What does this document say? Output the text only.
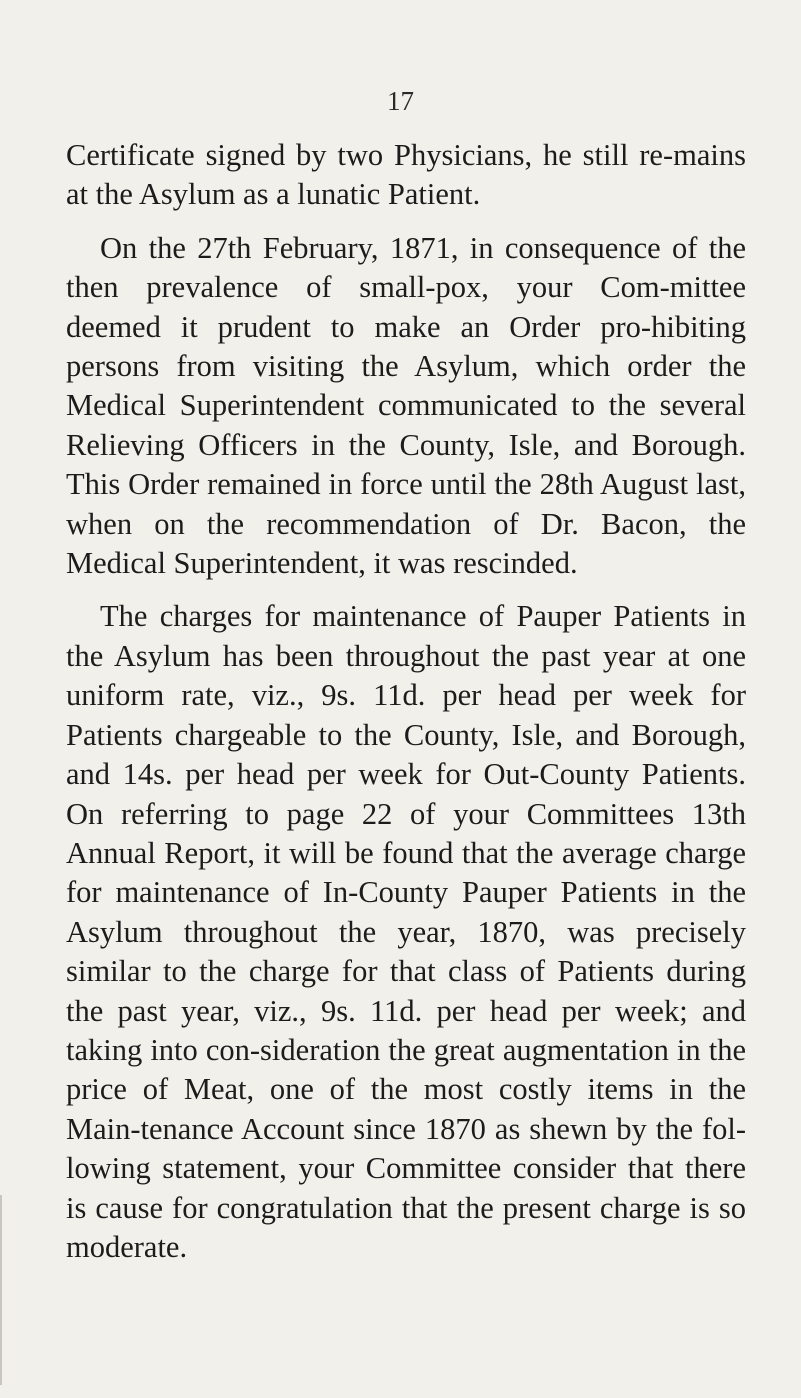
17

Certificate signed by two Physicians, he still re-mains at the Asylum as a lunatic Patient.

On the 27th February, 1871, in consequence of the then prevalence of small-pox, your Com-mittee deemed it prudent to make an Order pro-hibiting persons from visiting the Asylum, which order the Medical Superintendent communicated to the several Relieving Officers in the County, Isle, and Borough. This Order remained in force until the 28th August last, when on the recommendation of Dr. Bacon, the Medical Superintendent, it was rescinded.

The charges for maintenance of Pauper Patients in the Asylum has been throughout the past year at one uniform rate, viz., 9s. 11d. per head per week for Patients chargeable to the County, Isle, and Borough, and 14s. per head per week for Out-County Patients. On referring to page 22 of your Committees 13th Annual Report, it will be found that the average charge for maintenance of In-County Pauper Patients in the Asylum throughout the year, 1870, was precisely similar to the charge for that class of Patients during the past year, viz., 9s. 11d. per head per week; and taking into con-sideration the great augmentation in the price of Meat, one of the most costly items in the Main-tenance Account since 1870 as shewn by the fol-lowing statement, your Committee consider that there is cause for congratulation that the present charge is so moderate.
